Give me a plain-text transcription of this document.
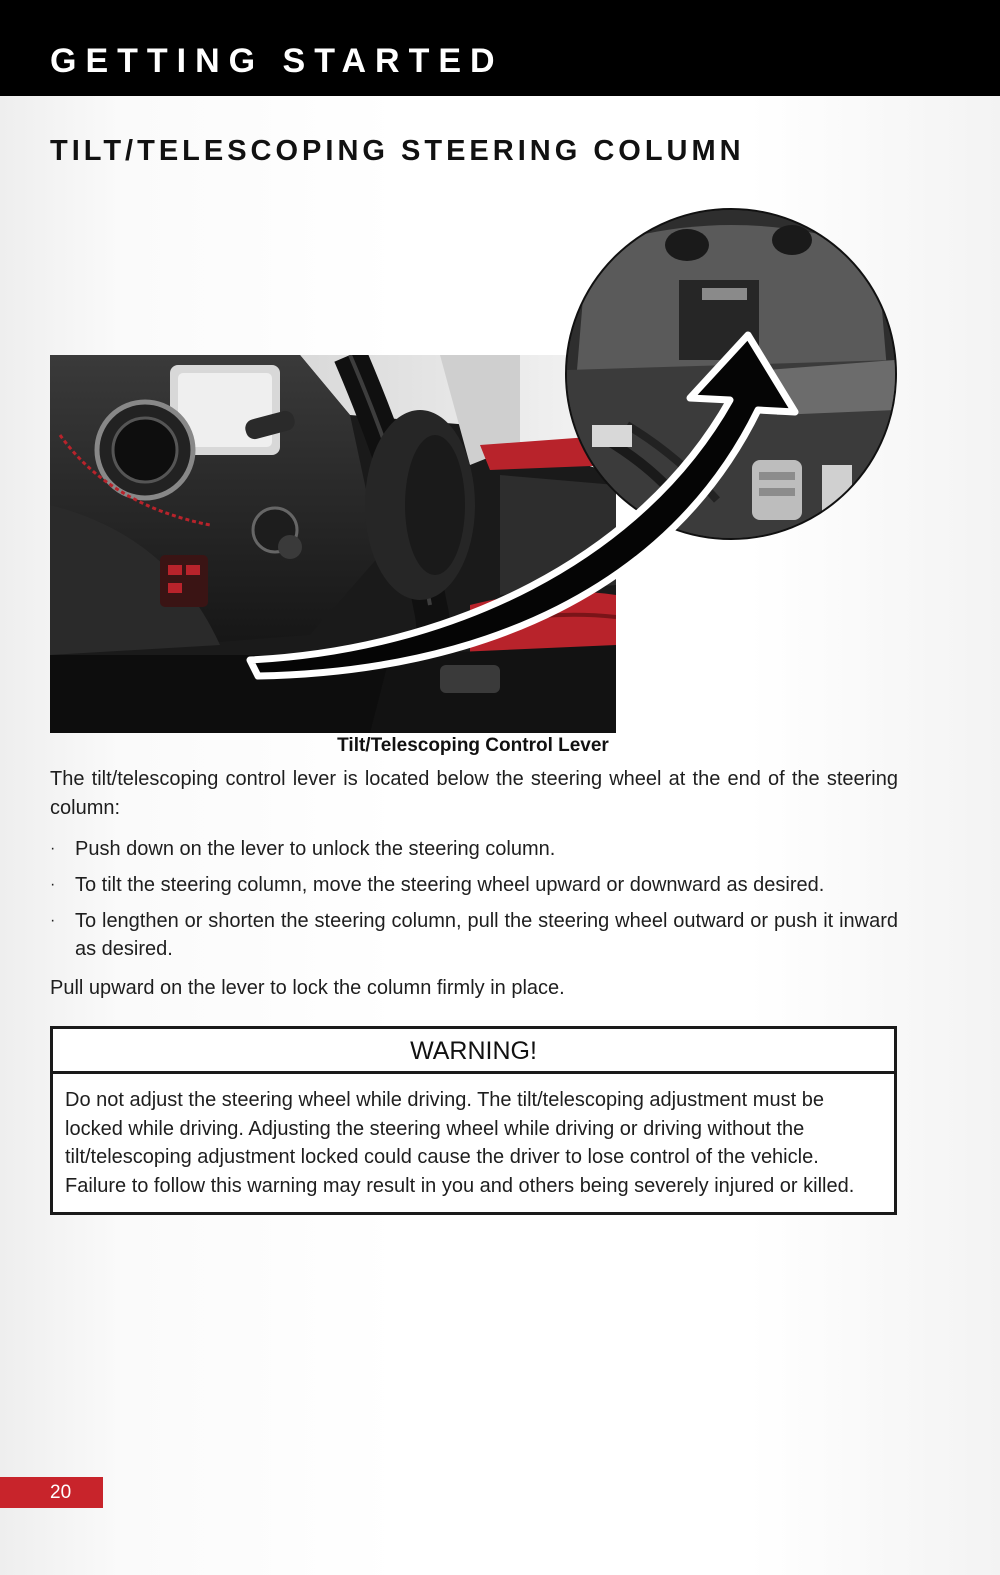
GETTING STARTED
TILT/TELESCOPING STEERING COLUMN
Tilt/Telescoping Control Lever
The tilt/telescoping control lever is located below the steering wheel at the end of the steering column:
· Push down on the lever to unlock the steering column.
· To tilt the steering column, move the steering wheel upward or downward as desired.
· To lengthen or shorten the steering column, pull the steering wheel outward or push it inward as desired.
Pull upward on the lever to lock the column firmly in place.
WARNING!
Do not adjust the steering wheel while driving. The tilt/telescoping adjustment must be locked while driving. Adjusting the steering wheel while driving or driving without the tilt/telescoping adjustment locked could cause the driver to lose control of the vehicle. Failure to follow this warning may result in you and others being severely injured or killed.
20
